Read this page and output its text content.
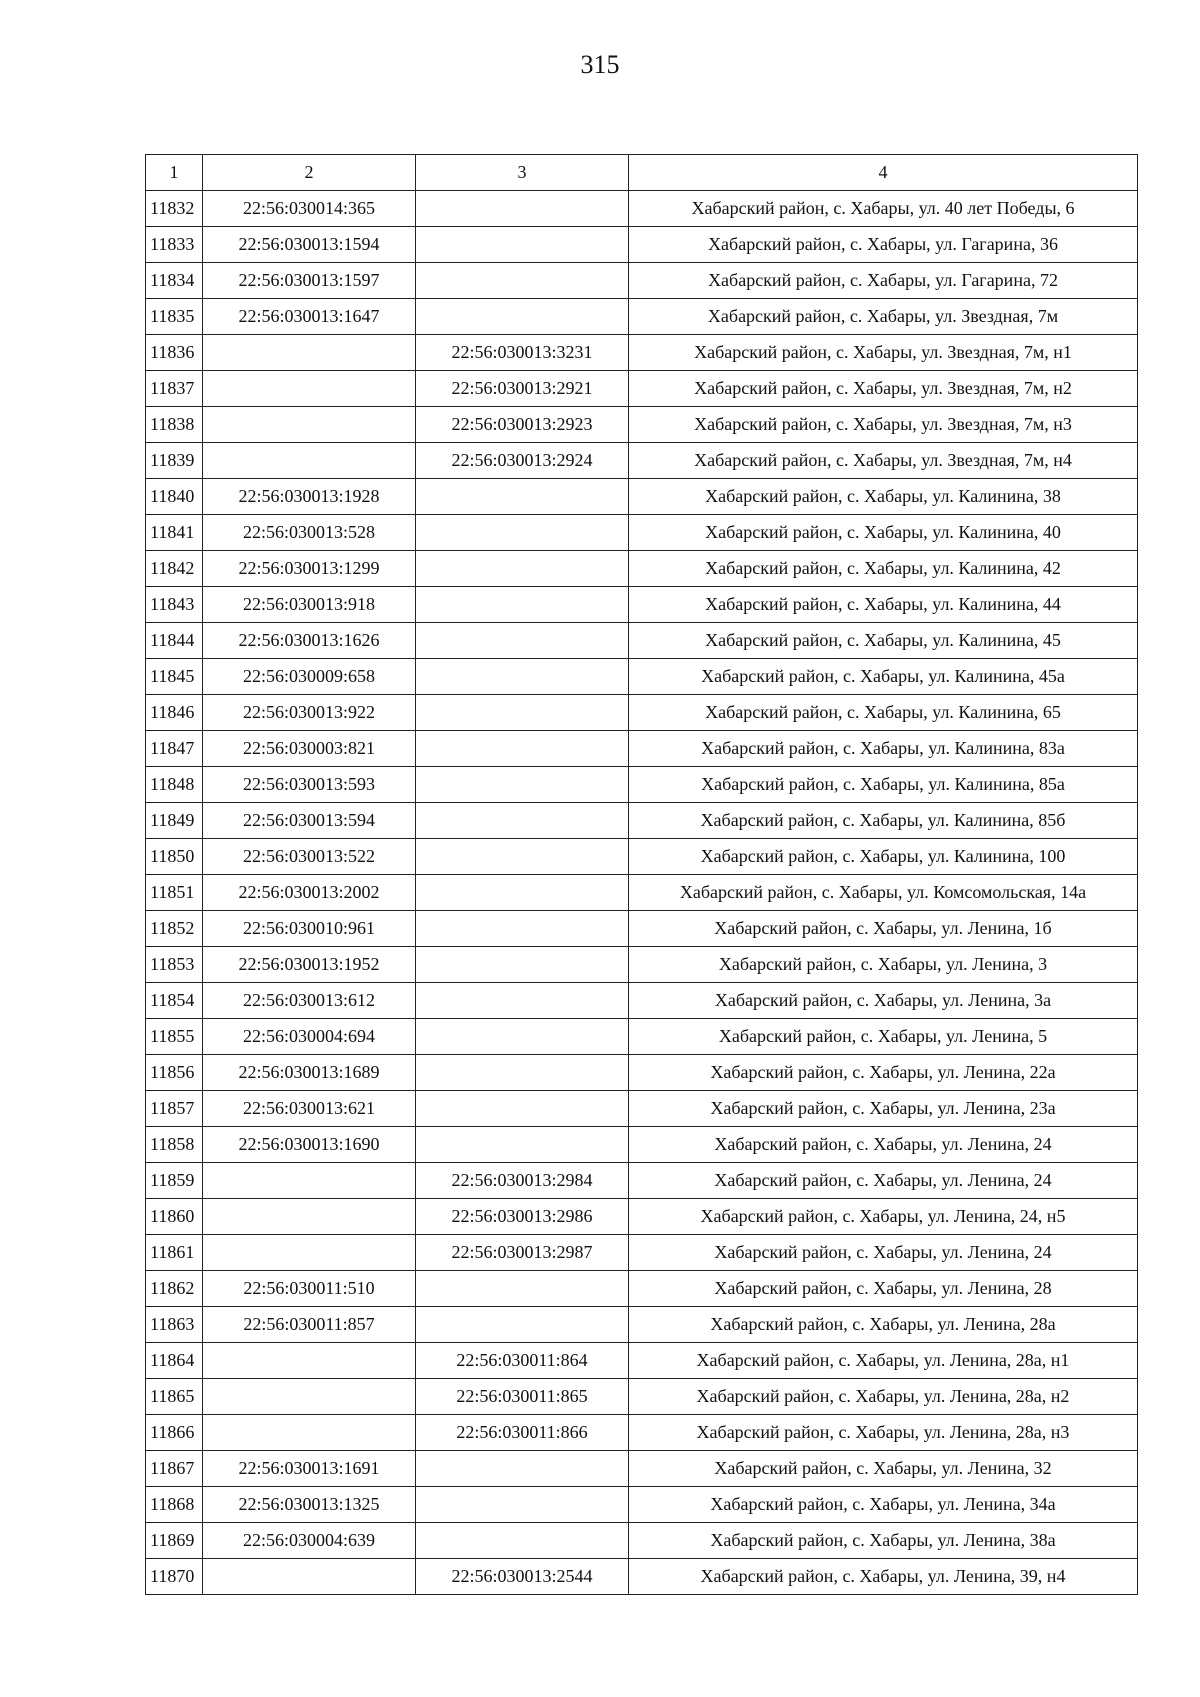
315
1	2	3	4
11832	22:56:030014:365		Хабарский район, с. Хабары, ул. 40 лет Победы, 6
11833	22:56:030013:1594		Хабарский район, с. Хабары, ул. Гагарина, 36
11834	22:56:030013:1597		Хабарский район, с. Хабары, ул. Гагарина, 72
11835	22:56:030013:1647		Хабарский район, с. Хабары, ул. Звездная, 7м
11836		22:56:030013:3231	Хабарский район, с. Хабары, ул. Звездная, 7м, н1
11837		22:56:030013:2921	Хабарский район, с. Хабары, ул. Звездная, 7м, н2
11838		22:56:030013:2923	Хабарский район, с. Хабары, ул. Звездная, 7м, н3
11839		22:56:030013:2924	Хабарский район, с. Хабары, ул. Звездная, 7м, н4
11840	22:56:030013:1928		Хабарский район, с. Хабары, ул. Калинина, 38
11841	22:56:030013:528		Хабарский район, с. Хабары, ул. Калинина, 40
11842	22:56:030013:1299		Хабарский район, с. Хабары, ул. Калинина, 42
11843	22:56:030013:918		Хабарский район, с. Хабары, ул. Калинина, 44
11844	22:56:030013:1626		Хабарский район, с. Хабары, ул. Калинина, 45
11845	22:56:030009:658		Хабарский район, с. Хабары, ул. Калинина, 45а
11846	22:56:030013:922		Хабарский район, с. Хабары, ул. Калинина, 65
11847	22:56:030003:821		Хабарский район, с. Хабары, ул. Калинина, 83а
11848	22:56:030013:593		Хабарский район, с. Хабары, ул. Калинина, 85а
11849	22:56:030013:594		Хабарский район, с. Хабары, ул. Калинина, 85б
11850	22:56:030013:522		Хабарский район, с. Хабары, ул. Калинина, 100
11851	22:56:030013:2002		Хабарский район, с. Хабары, ул. Комсомольская, 14а
11852	22:56:030010:961		Хабарский район, с. Хабары, ул. Ленина, 1б
11853	22:56:030013:1952		Хабарский район, с. Хабары, ул. Ленина, 3
11854	22:56:030013:612		Хабарский район, с. Хабары, ул. Ленина, 3а
11855	22:56:030004:694		Хабарский район, с. Хабары, ул. Ленина, 5
11856	22:56:030013:1689		Хабарский район, с. Хабары, ул. Ленина, 22а
11857	22:56:030013:621		Хабарский район, с. Хабары, ул. Ленина, 23а
11858	22:56:030013:1690		Хабарский район, с. Хабары, ул. Ленина, 24
11859		22:56:030013:2984	Хабарский район, с. Хабары, ул. Ленина, 24
11860		22:56:030013:2986	Хабарский район, с. Хабары, ул. Ленина, 24, н5
11861		22:56:030013:2987	Хабарский район, с. Хабары, ул. Ленина, 24
11862	22:56:030011:510		Хабарский район, с. Хабары, ул. Ленина, 28
11863	22:56:030011:857		Хабарский район, с. Хабары, ул. Ленина, 28а
11864		22:56:030011:864	Хабарский район, с. Хабары, ул. Ленина, 28а, н1
11865		22:56:030011:865	Хабарский район, с. Хабары, ул. Ленина, 28а, н2
11866		22:56:030011:866	Хабарский район, с. Хабары, ул. Ленина, 28а, н3
11867	22:56:030013:1691		Хабарский район, с. Хабары, ул. Ленина, 32
11868	22:56:030013:1325		Хабарский район, с. Хабары, ул. Ленина, 34а
11869	22:56:030004:639		Хабарский район, с. Хабары, ул. Ленина, 38а
11870		22:56:030013:2544	Хабарский район, с. Хабары, ул. Ленина, 39, н4
